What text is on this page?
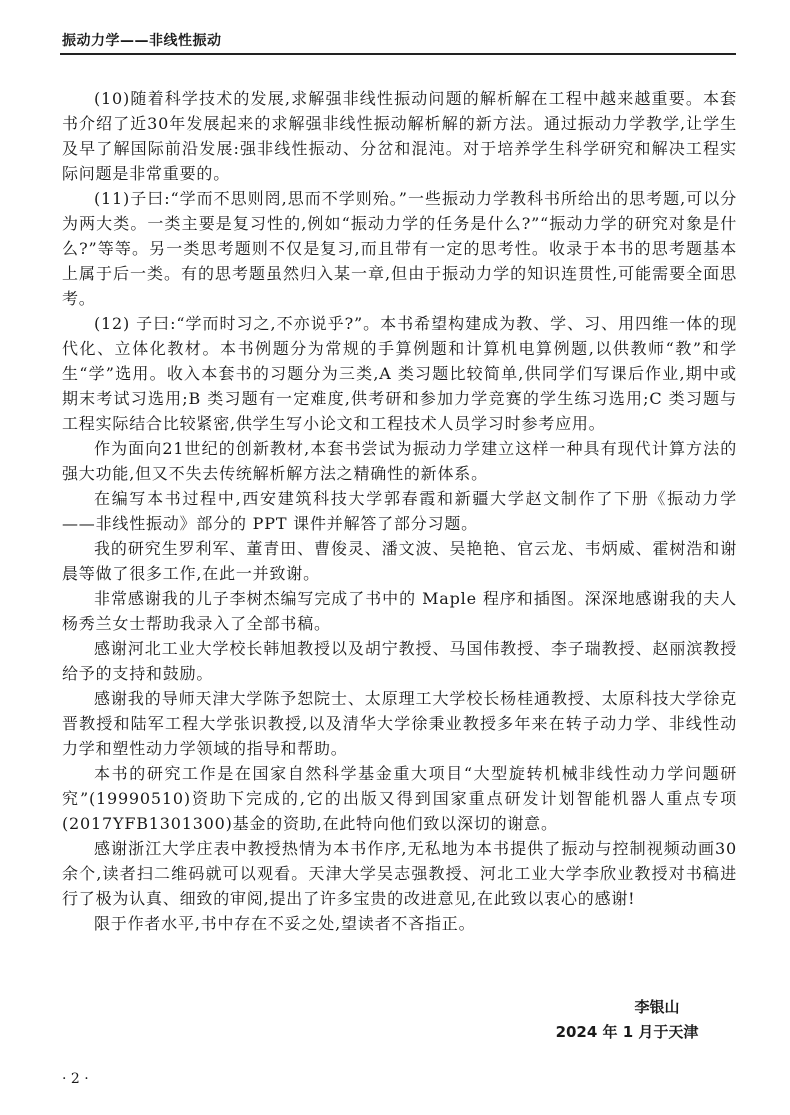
振动力学——非线性振动

(10)随着科学技术的发展,求解强非线性振动问题的解析解在工程中越来越重要。本套书介绍了近30年发展起来的求解强非线性振动解析解的新方法。通过振动力学教学,让学生及早了解国际前沿发展:强非线性振动、分岔和混沌。对于培养学生科学研究和解决工程实际问题是非常重要的。

(11)子曰:“学而不思则罔,思而不学则殆。”一些振动力学教科书所给出的思考题,可以分为两大类。一类主要是复习性的,例如“振动力学的任务是什么?”“振动力学的研究对象是什么?”等等。另一类思考题则不仅是复习,而且带有一定的思考性。收录于本书的思考题基本上属于后一类。有的思考题虽然归入某一章,但由于振动力学的知识连贯性,可能需要全面思考。

(12) 子曰:“学而时习之,不亦说乎?”。本书希望构建成为教、学、习、用四维一体的现代化、立体化教材。本书例题分为常规的手算例题和计算机电算例题,以供教师“教”和学生“学”选用。收入本套书的习题分为三类,A 类习题比较简单,供同学们写课后作业,期中或期末考试习选用;B 类习题有一定难度,供考研和参加力学竞赛的学生练习选用;C 类习题与工程实际结合比较紧密,供学生写小论文和工程技术人员学习时参考应用。

作为面向21世纪的创新教材,本套书尝试为振动力学建立这样一种具有现代计算方法的强大功能,但又不失去传统解析解方法之精确性的新体系。

在编写本书过程中,西安建筑科技大学郭春霞和新疆大学赵文制作了下册《振动力学——非线性振动》部分的 PPT 课件并解答了部分习题。

我的研究生罗利军、董青田、曹俊灵、潘文波、吴艳艳、官云龙、韦炳威、霍树浩和谢晨等做了很多工作,在此一并致谢。

非常感谢我的儿子李树杰编写完成了书中的 Maple 程序和插图。深深地感谢我的夫人杨秀兰女士帮助我录入了全部书稿。

感谢河北工业大学校长韩旭教授以及胡宁教授、马国伟教授、李子瑞教授、赵丽滨教授给予的支持和鼓励。

感谢我的导师天津大学陈予恕院士、太原理工大学校长杨桂通教授、太原科技大学徐克晋教授和陆军工程大学张识教授,以及清华大学徐秉业教授多年来在转子动力学、非线性动力学和塑性动力学领域的指导和帮助。

本书的研究工作是在国家自然科学基金重大项目“大型旋转机械非线性动力学问题研究”(19990510)资助下完成的,它的出版又得到国家重点研发计划智能机器人重点专项(2017YFB1301300)基金的资助,在此特向他们致以深切的谢意。

感谢浙江大学庄表中教授热情为本书作序,无私地为本书提供了振动与控制视频动画30余个,读者扫二维码就可以观看。天津大学吴志强教授、河北工业大学李欣业教授对书稿进行了极为认真、细致的审阅,提出了许多宝贵的改进意见,在此致以衷心的感谢!

限于作者水平,书中存在不妥之处,望读者不吝指正。

李银山
2024 年 1 月于天津
· 2 ·
